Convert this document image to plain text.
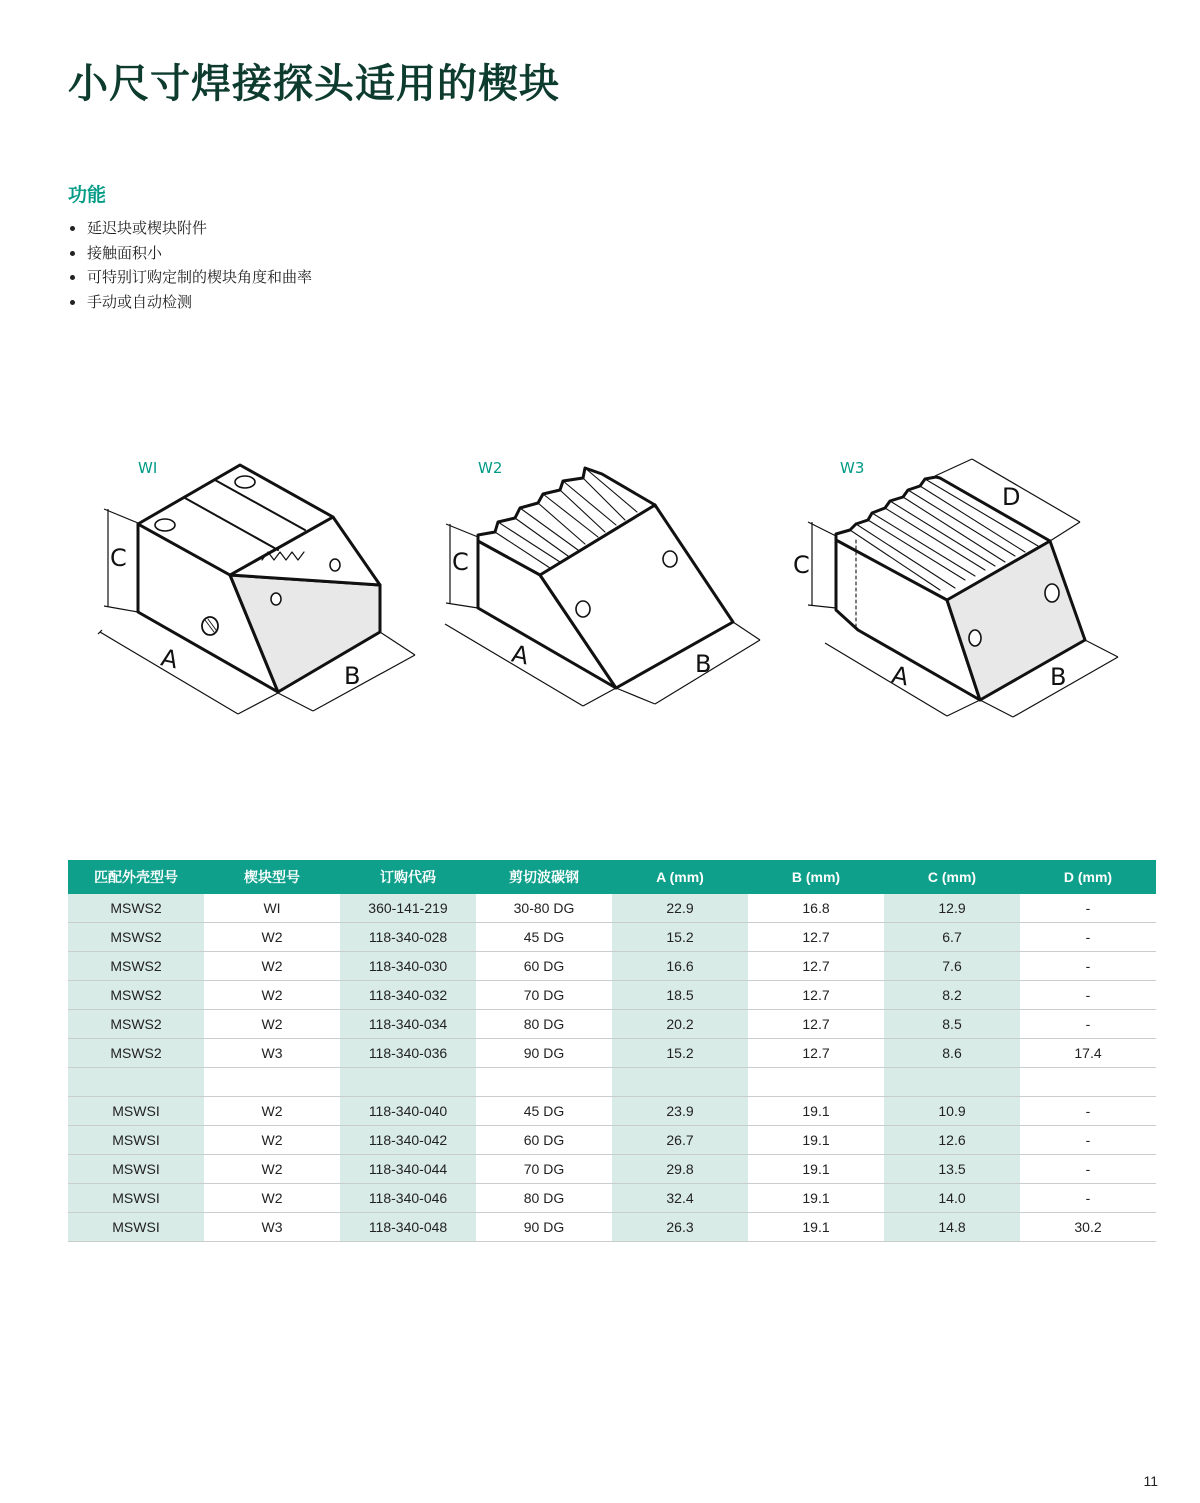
小尺寸焊接探头适用的楔块
功能
延迟块或楔块附件
接触面积小
可特别订购定制的楔块角度和曲率
手动或自动检测
WI	W2	W3
C
A
B
C
A	B
C
A	B
D
匹配外壳型号	楔块型号	订购代码	剪切波碳钢	A (mm)	B (mm)	C (mm)	D (mm)
MSWS2	WI	360-141-219	30-80 DG	22.9	16.8	12.9	-
MSWS2	W2	118-340-028	45 DG	15.2	12.7	6.7	-
MSWS2	W2	118-340-030	60 DG	16.6	12.7	7.6	-
MSWS2	W2	118-340-032	70 DG	18.5	12.7	8.2	-
MSWS2	W2	118-340-034	80 DG	20.2	12.7	8.5	-
MSWS2	W3	118-340-036	90 DG	15.2	12.7	8.6	17.4

MSWSI	W2	118-340-040	45 DG	23.9	19.1	10.9	-
MSWSI	W2	118-340-042	60 DG	26.7	19.1	12.6	-
MSWSI	W2	118-340-044	70 DG	29.8	19.1	13.5	-
MSWSI	W2	118-340-046	80 DG	32.4	19.1	14.0	-
MSWSI	W3	118-340-048	90 DG	26.3	19.1	14.8	30.2
11
